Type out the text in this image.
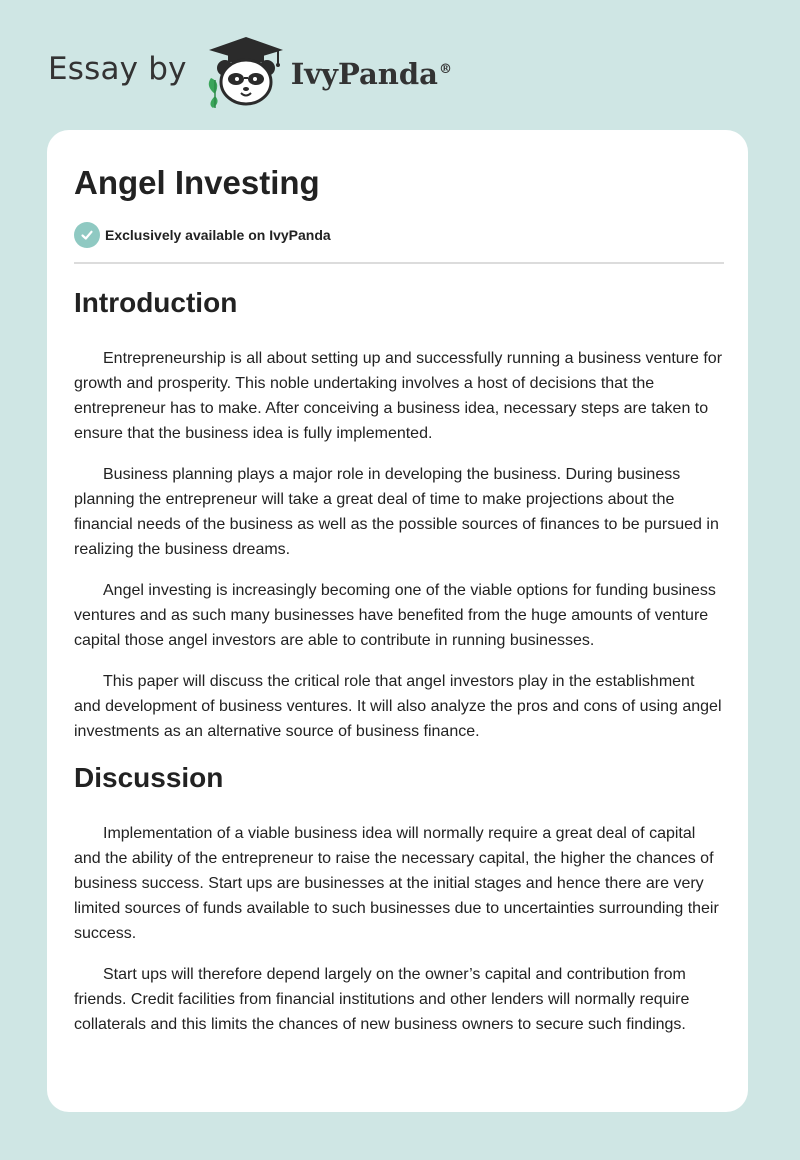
Essay by	IvyPanda®
Angel Investing
Exclusively available on IvyPanda
Introduction

Entrepreneurship is all about setting up and successfully running a business venture for growth and prosperity. This noble undertaking involves a host of decisions that the entrepreneur has to make. After conceiving a business idea, necessary steps are taken to ensure that the business idea is fully implemented.

Business planning plays a major role in developing the business. During business planning the entrepreneur will take a great deal of time to make projections about the financial needs of the business as well as the possible sources of finances to be pursued in realizing the business dreams.

Angel investing is increasingly becoming one of the viable options for funding business ventures and as such many businesses have benefited from the huge amounts of venture capital those angel investors are able to contribute in running businesses.

This paper will discuss the critical role that angel investors play in the establishment and development of business ventures. It will also analyze the pros and cons of using angel investments as an alternative source of business finance.

Discussion

Implementation of a viable business idea will normally require a great deal of capital and the ability of the entrepreneur to raise the necessary capital, the higher the chances of business success. Start ups are businesses at the initial stages and hence there are very limited sources of funds available to such businesses due to uncertainties surrounding their success.

Start ups will therefore depend largely on the owner’s capital and contribution from friends. Credit facilities from financial institutions and other lenders will normally require collaterals and this limits the chances of new business owners to secure such findings.
